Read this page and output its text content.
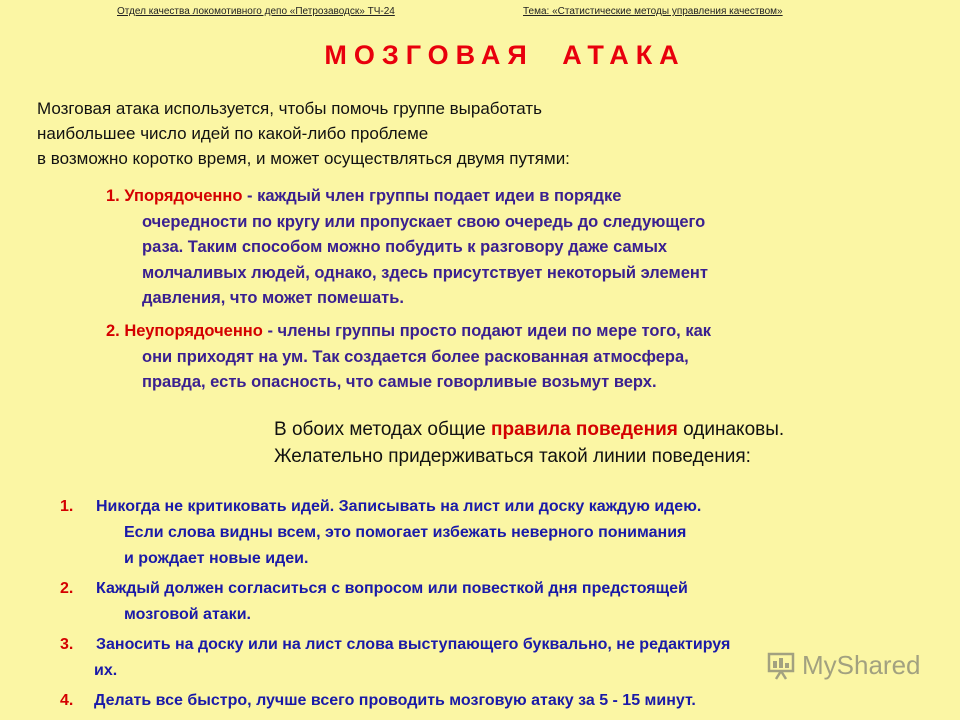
Отдел качества локомотивного депо «Петрозаводск» ТЧ-24	Тема: «Статистические методы управления качеством»
МОЗГОВАЯ АТАКА
Мозговая атака используется, чтобы помочь группе выработать
наибольшее число идей по какой-либо проблеме
в возможно коротко время, и может осуществляться двумя путями:
1. Упорядоченно - каждый член группы подает идеи в порядке
очередности по кругу или пропускает свою очередь до следующего
раза. Таким способом можно побудить к разговору даже самых
молчаливых людей, однако, здесь присутствует некоторый элемент
давления, что может помешать.
2. Неупорядоченно - члены группы просто подают идеи по мере того, как
они приходят на ум. Так создается более раскованная атмосфера,
правда, есть опасность, что самые говорливые возьмут верх.
В обоих методах общие правила поведения одинаковы.
Желательно придерживаться такой линии поведения:
1. Никогда не критиковать идей. Записывать на лист или доску каждую идею.
Если слова видны всем, это помогает избежать неверного понимания
и рождает новые идеи.
2. Каждый должен согласиться с вопросом или повесткой дня предстоящей
мозговой атаки.
3. Заносить на доску или на лист слова выступающего буквально, не редактируя
их.
4. Делать все быстро, лучше всего проводить мозговую атаку за 5 - 15 минут.
MyShared
